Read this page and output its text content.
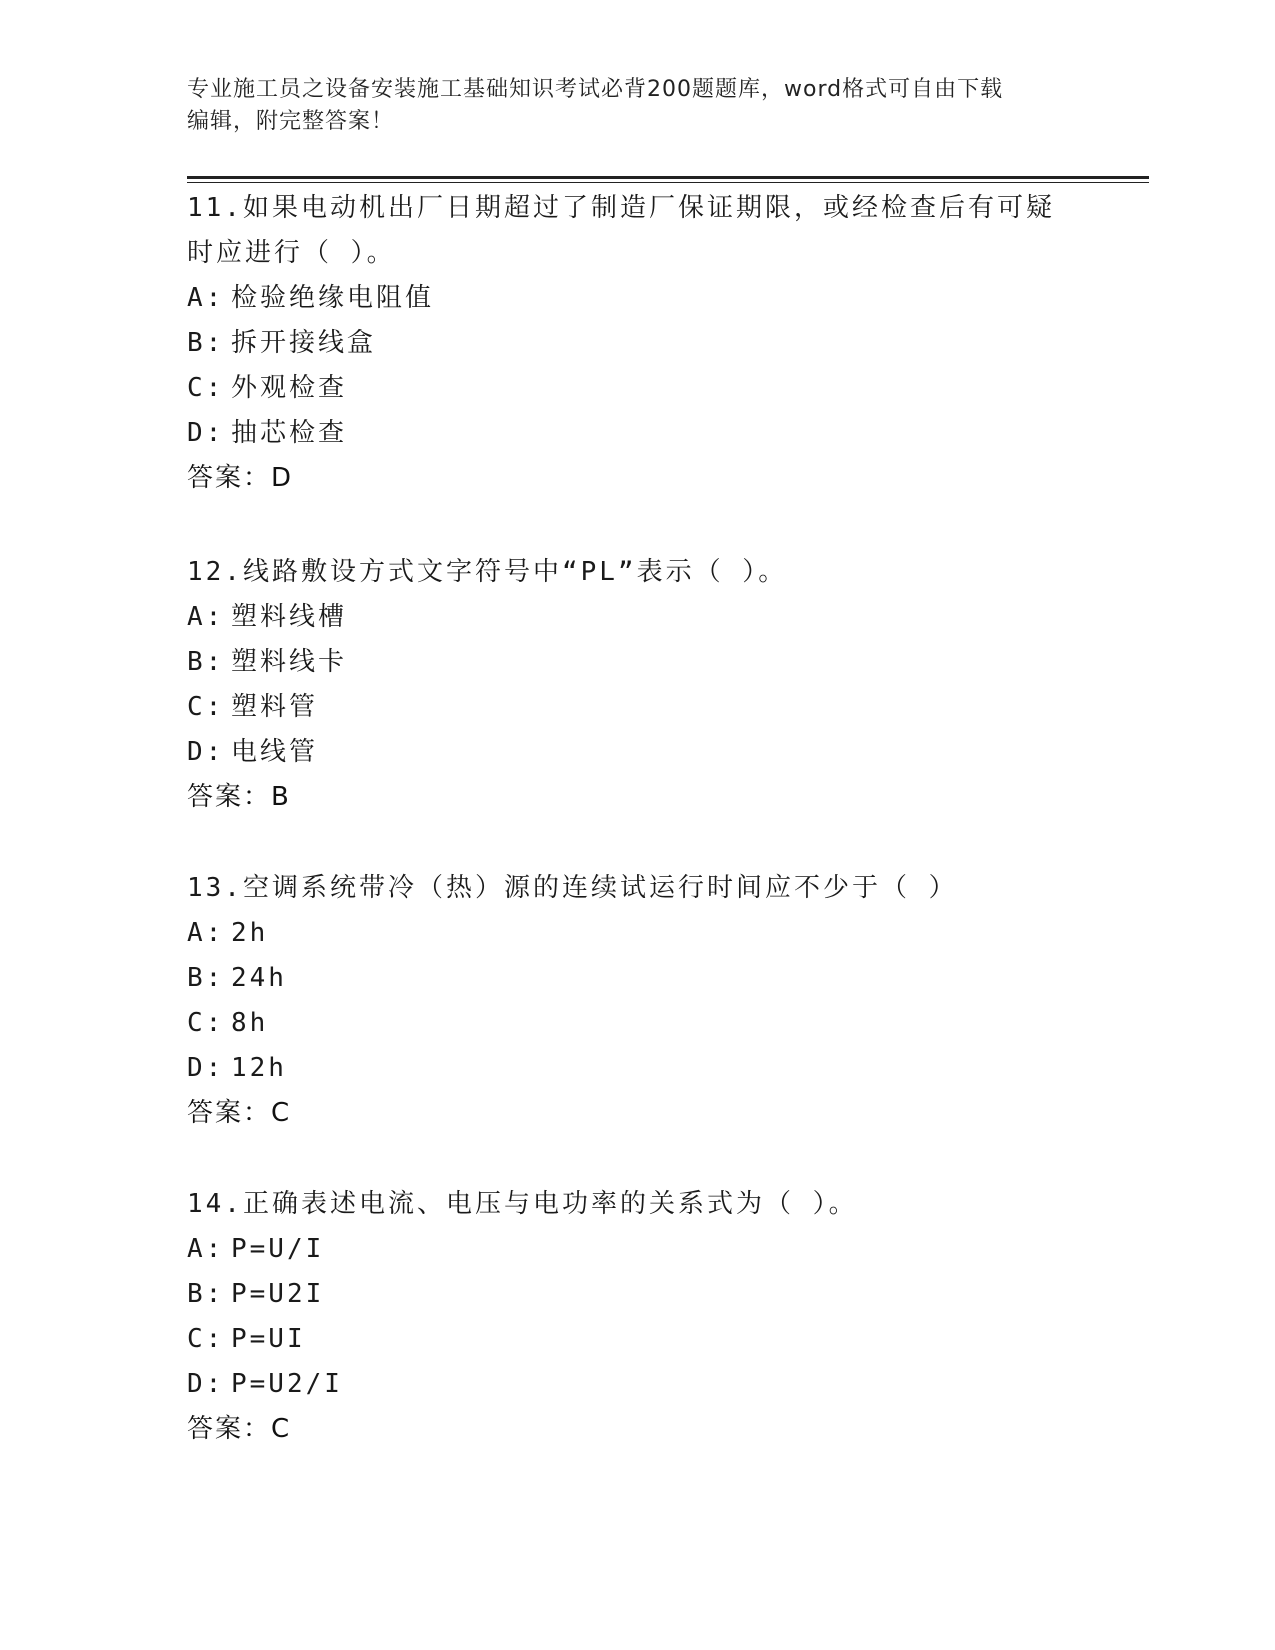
专业施工员之设备安装施工基础知识考试必背200题题库，word格式可自由下载
编辑，附完整答案！
11.如果电动机出厂日期超过了制造厂保证期限，或经检查后有可疑时应进行（ ）。
A: 检验绝缘电阻值
B: 拆开接线盒
C: 外观检查
D: 抽芯检查
答案：D
12.线路敷设方式文字符号中“PL”表示（ ）。
A: 塑料线槽
B: 塑料线卡
C: 塑料管
D: 电线管
答案：B
13.空调系统带冷（热）源的连续试运行时间应不少于（ ）
A: 2h
B: 24h
C: 8h
D: 12h
答案：C
14.正确表述电流、电压与电功率的关系式为（ ）。
A: P=U/I
B: P=U2I
C: P=UI
D: P=U2/I
答案：C
